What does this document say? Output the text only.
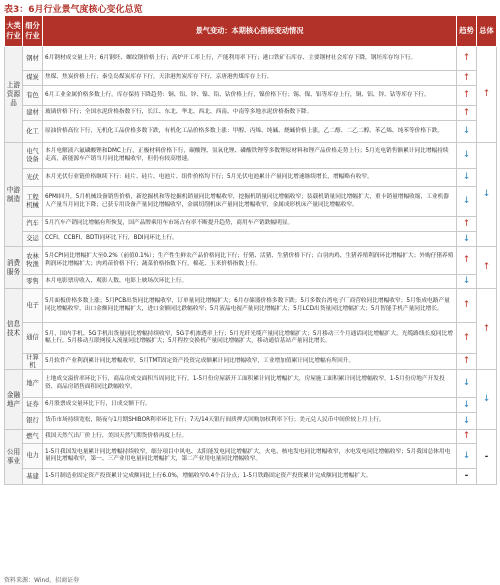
表3：6月行业景气度核心变化总览
大类行业	细分行业	景气变动：本期核心指标变动情况	趋势	总体
上游资源品	钢材	6月钢材成交量上升；6月钢坯、螺纹钢价格上行；高炉开工率上行，产能利用率下行；港口铁矿石库存、主要钢材社会库存下降，钢坯库存均下行。	↑	↑
	煤炭	焦煤、焦炭价格上行；秦皇岛煤炭库存下行，天津港焦炭库存下行，京唐港焦煤库存上行。	↑	
	有色	6月工业金属价格多数上行，库存保持下降趋势：铜、铝、锌、镍、铅、钴价格上行，镍价格下行；锡、镍、铝等库存上行，铜、铝、锌、钴等库存下行。	↑	
	建材	玻璃价格下行；全国水泥价格指数下行，长江、东北、华北、西北、西南、中南等多地水泥价格指数下降。	↑	
	化工	原油价格高位下行，无机化工品价格多数下跌，有机化工品价格多数上涨：甲醇、丙烯、纯碱、烧碱价格上涨，乙二醇、二乙二醇、苯乙烯、纯苯等价格下跌。	↓	
中游制造	电气设备	本月电解液六氟磷酸锂和DMC上行，正极材料价格下行，碳酸锂、氢氧化锂、磷酸铁锂等多数锂原材料和锂产品价格走势上行；5月光电销售额累计同比增幅持续走高，新能源车产销当月同比增幅收窄，但仍有较高增速。	↓	↓
	光伏	本月光伏行业链价格继续下行：硅片、硅片、电池片、组件价格均下行；5月光伏电池累计产量同比增速继续增长，增幅略有收窄。	↓	
	工程机械	6PMI回升，5月机械设备销售价格，新挖掘机和等挖掘机销量同比增幅收窄，挖掘机销量同比增幅收窄；装载机销量同比增幅扩大，重卡销量增幅收缩，工业机器人产量当月同比下降；已获专用设备产量同比增幅收窄，金属切削机床产量同比增幅收窄，金属成形机床产量同比增幅收窄。	↓	
	汽车	5月汽车产销同比增幅有所恢复，国产品牌乘用车市场占有率不断提升趋势，商用车产销跌幅明显。	↑	
	交运	CCFI、CCBFI、BDTI同环比下行，BDI同环比上行。	↓	
消费服务	农林牧渔	5月CPI同比增幅扩大至0.2%（前值0.1%）；生产性生鲜农产品价格同比下行；仔猪、活猪、生猪价格下行；白羽肉鸡、生猪养殖利润环比增幅扩大；外购仔猪养殖利润环比增幅扩大；肉鸡苗价格下行；蔬菜价格指数下行，棉花、玉米价格指数上行。	↑	↑
	零售	本月电影票房收入、观影人数、电影上映场次环比上行。	↓	
信息技术	电子	5月面板价格多数上涨；5月PCB出货同比增幅收窄，订单量同比增幅扩大；6月存储器价格多数下跌；5月多数台湾电子厂商营收同比增幅收窄；5月集成电路产量同比增幅收窄，出口金额同比增幅扩大，进口金额同比跌幅收窄；5月液晶电视产量同比增幅扩大；5月LCD出货量同比增幅扩大；5月智能手机产量同比增长。	↑	↑
	通信	5月，国内手机、5G手机出货量同比增幅持续收窄，5G手机渗透率上行；5月光纤光缆产量同比增幅扩大；5月移动三个月通话同比增幅扩大，光缆路线长度同比增幅上行，5月移动互联网接入流量同比增幅扩大；5月程控交换机产量同比增幅扩大，移动通信基站产量同比增长。	↑	
	计算机	5月软件产业利润累计同比增幅收窄，5月TMT固定资产投资完成额累计同比增幅收窄，工业增加值累计同比增幅有所回升。	↑	
金融地产	地产	土地成交溢价率环比下行，商品房成交面积当周同比下行，1-5月份房屋新开工面积累计同比增幅扩大，房屋施工面积累计同比增幅收窄，1-5月份房地产开发投资、商品房销售面积同比跌幅收窄。	↓	↓
	证券	6月股票成交量环比下行，日成交额下行。	↓	
	银行	货币市场持续宽松，隔夜与1月期SHIBOR利率环比下行；7天/14天银行间质押式回购加权利率下行；美元兑人民币中间价较上月上行。	↓	
公用事业	燃气	我国天然气出厂价上行，美国天然气期货价格再度上行。	↑	-
	电力	1-5月我国发电量累计同比增幅持续收窄，细分项目中风电、太阳能发电同比增幅扩大，火电、核电发电同比增幅收窄，水电发电同比增幅收窄；5月我国总体用电量同比增幅收窄，第一、三产业用电量同比增幅扩大，第二产业用电量同比增幅收窄。	↓	
	基建	1-5月制造业固定资产投资累计完成额同比上行6.0%，增幅收窄0.4个百分点；1-5月铁路固定资产投资累计完成额同比增幅扩大。	-	
资料来源：Wind，招商证券
